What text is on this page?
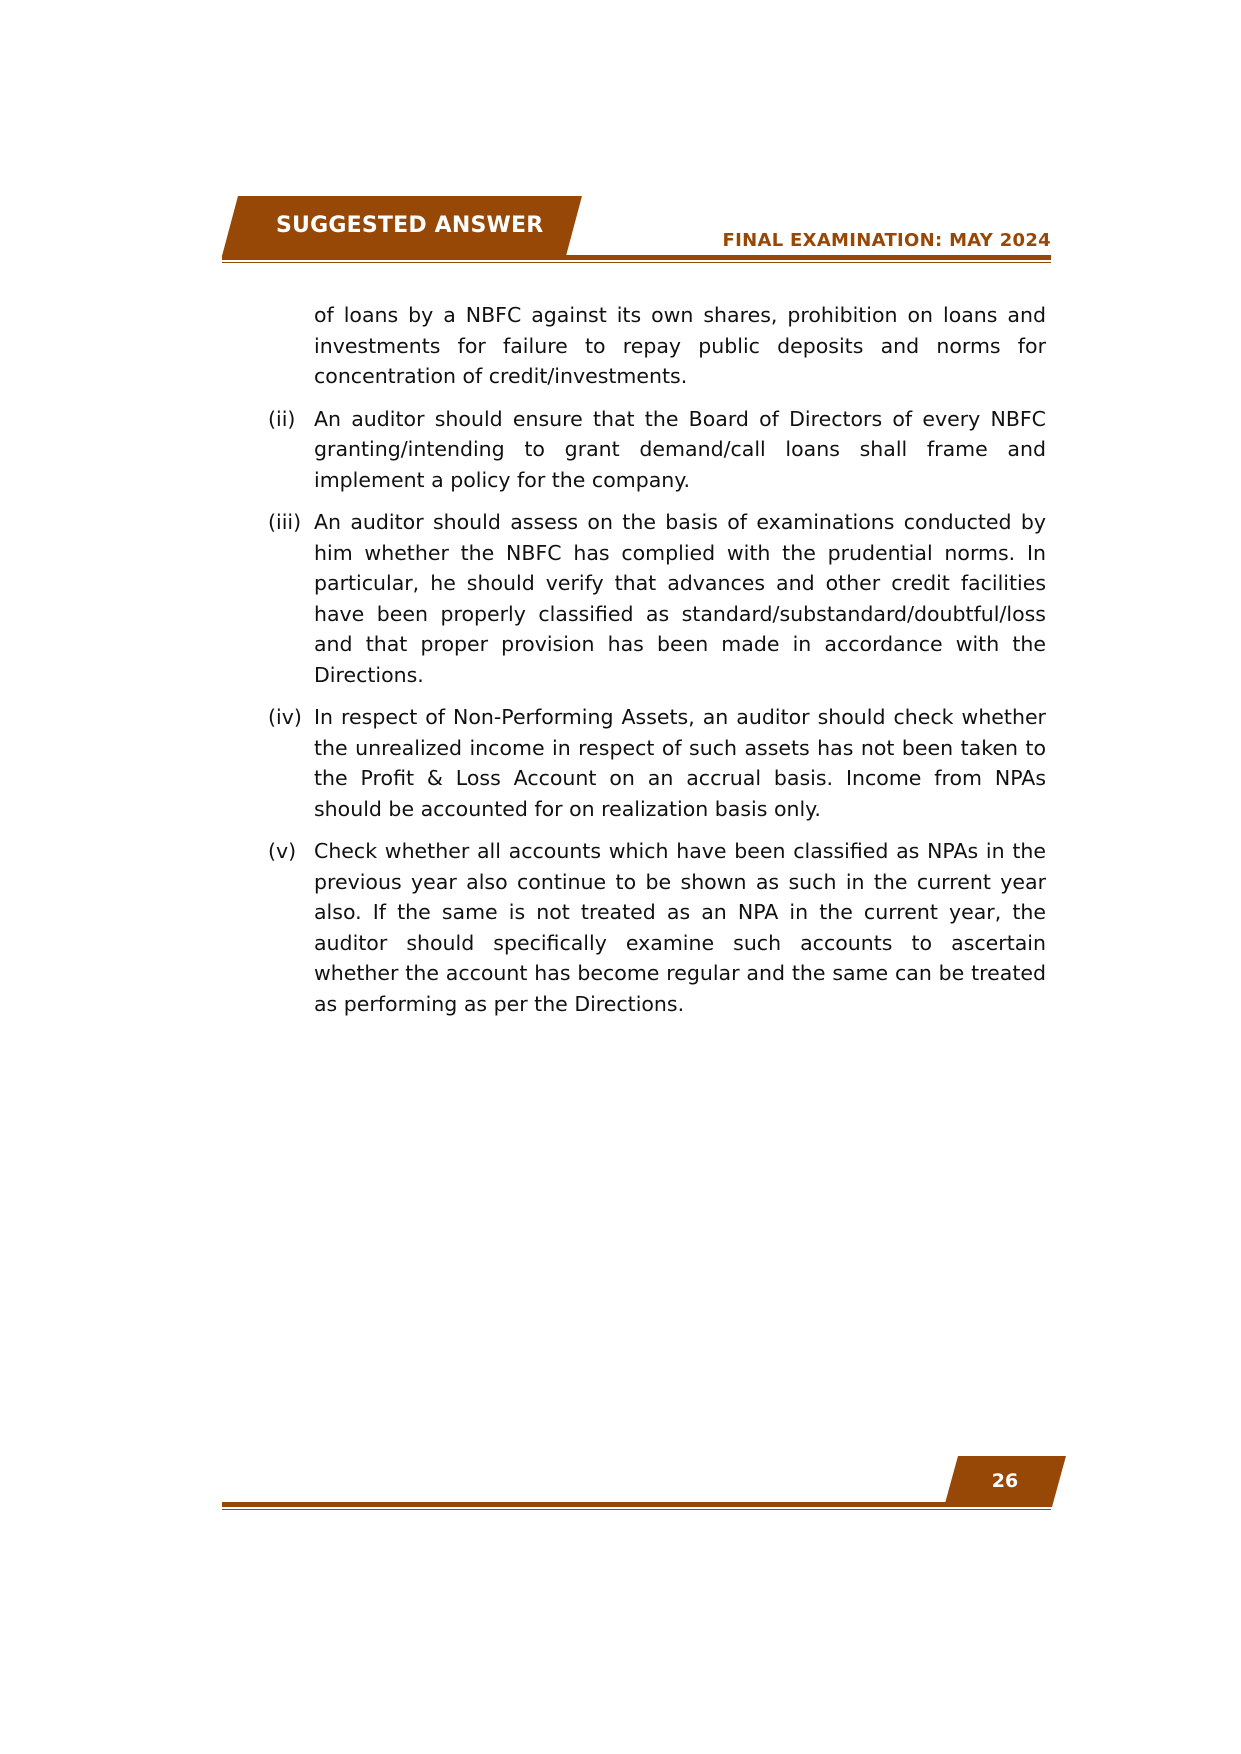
SUGGESTED ANSWER
FINAL EXAMINATION: MAY 2024
of loans by a NBFC against its own shares, prohibition on loans and investments for failure to repay public deposits and norms for concentration of credit/investments.
(ii) An auditor should ensure that the Board of Directors of every NBFC granting/intending to grant demand/call loans shall frame and implement a policy for the company.
(iii) An auditor should assess on the basis of examinations conducted by him whether the NBFC has complied with the prudential norms. In particular, he should verify that advances and other credit facilities have been properly classified as standard/substandard/doubtful/loss and that proper provision has been made in accordance with the Directions.
(iv) In respect of Non-Performing Assets, an auditor should check whether the unrealized income in respect of such assets has not been taken to the Profit & Loss Account on an accrual basis. Income from NPAs should be accounted for on realization basis only.
(v) Check whether all accounts which have been classified as NPAs in the previous year also continue to be shown as such in the current year also. If the same is not treated as an NPA in the current year, the auditor should specifically examine such accounts to ascertain whether the account has become regular and the same can be treated as performing as per the Directions.
26
